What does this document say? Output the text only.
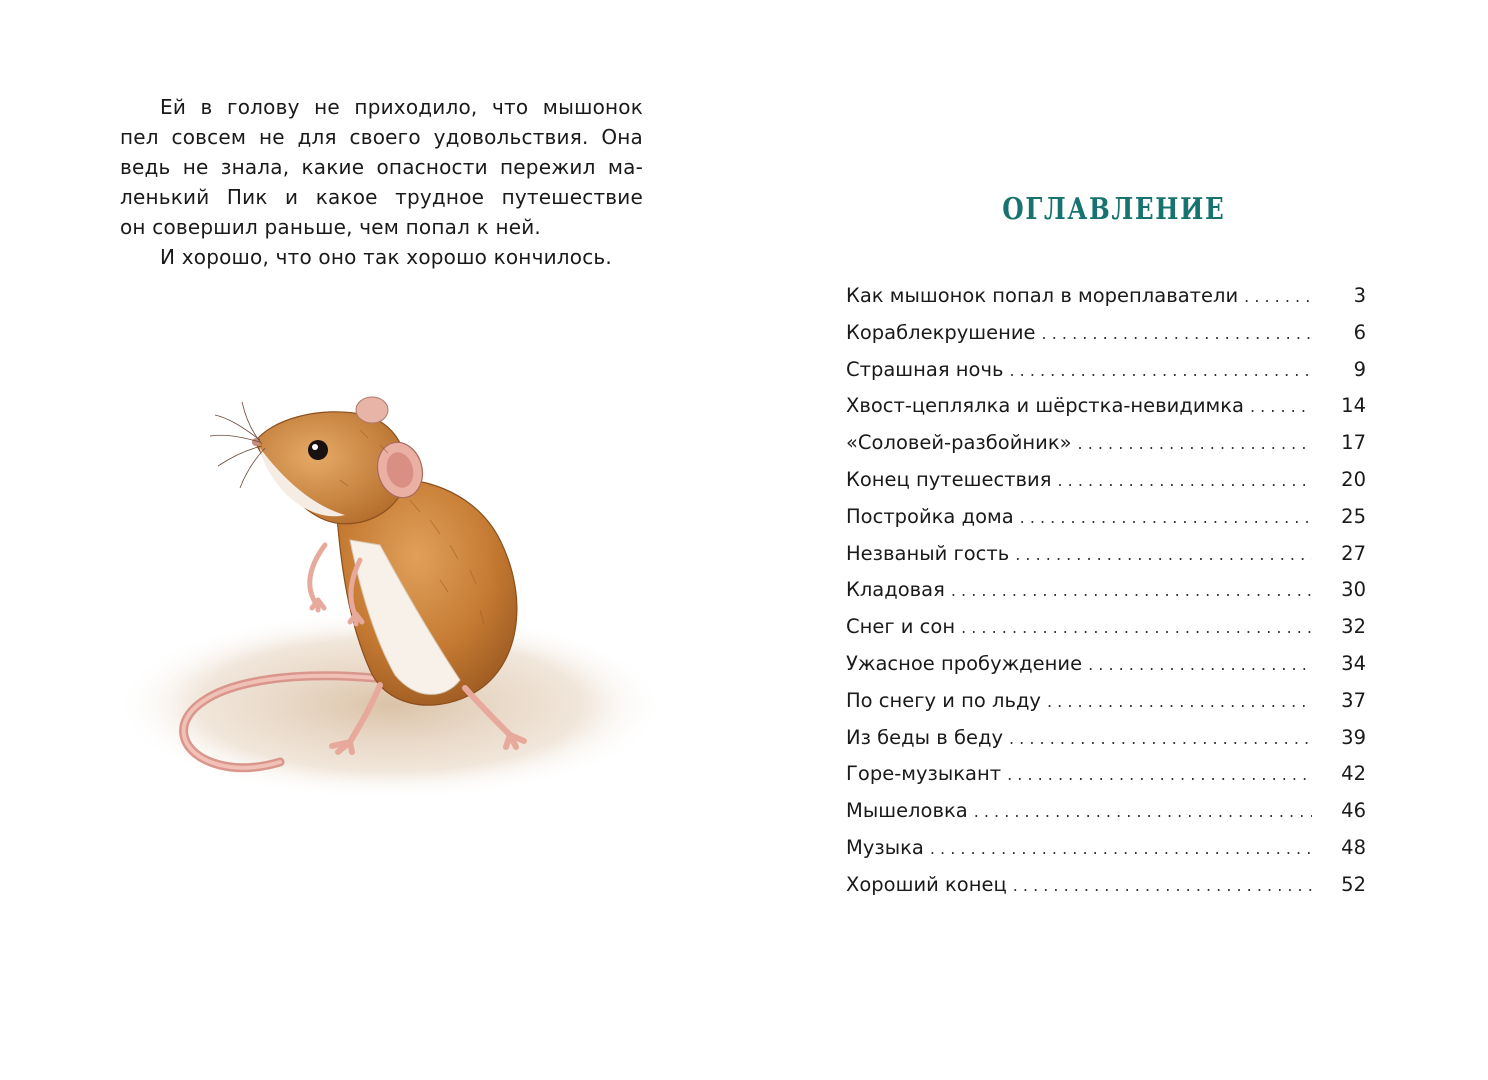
Ей в голову не приходило, что мышонок
пел совсем не для своего удовольствия. Она
ведь не знала, какие опасности пережил ма-
ленький Пик и какое трудное путешествие
он совершил раньше, чем попал к ней.
И хорошо, что оно так хорошо кончилось.
ОГЛАВЛЕНИЕ
Как мышонок попал в мореплаватели . . .	3
Кораблекрушение . . .	6
Страшная ночь . . .	9
Хвост-цеплялка и шёрстка-невидимка . . .	14
«Соловей-разбойник» . . .	17
Конец путешествия . . .	20
Постройка дома . . .	25
Незваный гость . . .	27
Кладовая . . .	30
Снег и сон . . .	32
Ужасное пробуждение . . .	34
По снегу и по льду . . .	37
Из беды в беду . . .	39
Горе-музыкант . . .	42
Мышеловка . . .	46
Музыка . . .	48
Хороший конец . . .	52
